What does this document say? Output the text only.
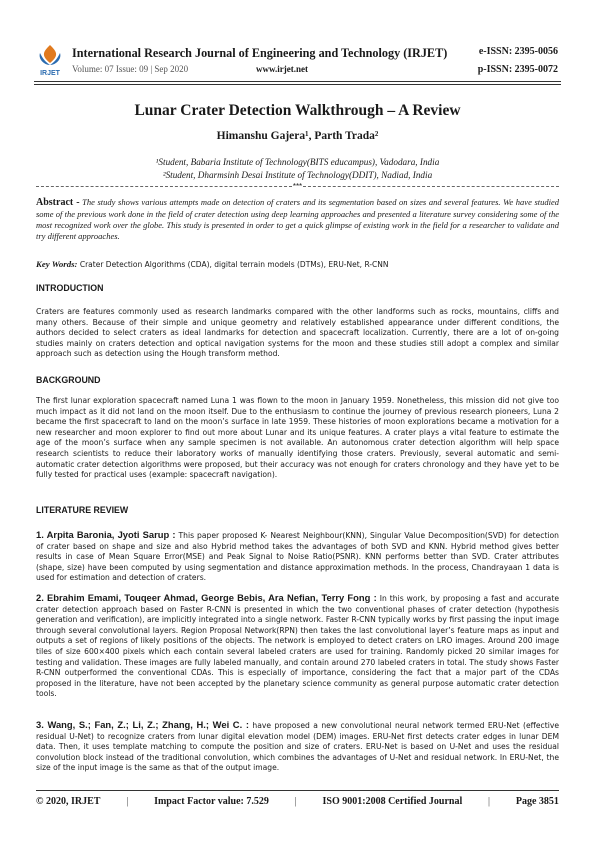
IRJET
International Research Journal of Engineering and Technology (IRJET)
Volume: 07 Issue: 09 | Sep 2020	www.irjet.net
e-ISSN: 2395-0056
p-ISSN: 2395-0072
Lunar Crater Detection Walkthrough – A Review
Himanshu Gajera¹, Parth Trada²
¹Student, Babaria Institute of Technology(BITS educampus), Vadodara, India
²Student, Dharmsinh Desai Institute of Technology(DDIT), Nadiad, India
***
Abstract - The study shows various attempts made on detection of craters and its segmentation based on sizes and several features. We have studied some of the previous work done in the field of crater detection using deep learning approaches and presented a literature survey considering some of the most recognized work over the globe. This study is presented in order to get a quick glimpse of existing work in the field for a researcher to validate and try different approaches.
Key Words: Crater Detection Algorithms (CDA), digital terrain models (DTMs), ERU-Net, R-CNN
INTRODUCTION
Craters are features commonly used as research landmarks compared with the other landforms such as rocks, mountains, cliffs and many others. Because of their simple and unique geometry and relatively established appearance under different conditions, the authors decided to select craters as ideal landmarks for detection and spacecraft localization. Currently, there are a lot of on-going studies mainly on craters detection and optical navigation systems for the moon and these studies still adopt a complex and similar approach such as detection using the Hough transform method.
BACKGROUND
The first lunar exploration spacecraft named Luna 1 was flown to the moon in January 1959. Nonetheless, this mission did not give too much impact as it did not land on the moon itself. Due to the enthusiasm to continue the journey of previous research pioneers, Luna 2 became the first spacecraft to land on the moon’s surface in late 1959. These histories of moon explorations became a motivation for a new researcher and moon explorer to find out more about Lunar and its unique features. A crater plays a vital feature to estimate the age of the moon’s surface when any sample specimen is not available. An autonomous crater detection algorithm will help space research scientists to reduce their laboratory works of manually identifying those craters. Previously, several automatic and semi-automatic crater detection algorithms were proposed, but their accuracy was not enough for craters chronology and they have yet to be fully tested for practical uses (example: spacecraft navigation).
LITERATURE REVIEW
1. Arpita Baronia, Jyoti Sarup : This paper proposed K- Nearest Neighbour(KNN), Singular Value Decomposition(SVD) for detection of crater based on shape and size and also Hybrid method takes the advantages of both SVD and KNN. Hybrid method gives better results in case of Mean Square Error(MSE) and Peak Signal to Noise Ratio(PSNR). KNN performs better than SVD. Crater attributes (shape, size) have been computed by using segmentation and distance approximation methods. In the process, Chandrayaan 1 data is used for estimation and detection of craters.
2. Ebrahim Emami, Touqeer Ahmad, George Bebis, Ara Nefian, Terry Fong : In this work, by proposing a fast and accurate crater detection approach based on Faster R-CNN is presented in which the two conventional phases of crater detection (hypothesis generation and verification), are implicitly integrated into a single network. Faster R-CNN typically works by first passing the input image through several convolutional layers. Region Proposal Network(RPN) then takes the last convolutional layer’s feature maps as input and outputs a set of regions of likely positions of the objects. The network is employed to detect craters on LRO images. Around 200 image tiles of size 600×400 pixels which each contain several labeled craters are used for training. Randomly picked 20 similar images for testing and validation. These images are fully labeled manually, and contain around 270 labeled craters in total. The study shows Faster R-CNN outperformed the conventional CDAs. This is especially of importance, considering the fact that a major part of the CDAs proposed in the literature, have not been accepted by the planetary science community as general purpose automatic crater detection tools.
3. Wang, S.; Fan, Z.; Li, Z.; Zhang, H.; Wei C. : have proposed a new convolutional neural network termed ERU-Net (effective residual U-Net) to recognize craters from lunar digital elevation model (DEM) images. ERU-Net first detects crater edges in lunar DEM data. Then, it uses template matching to compute the position and size of craters. ERU-Net is based on U-Net and uses the residual convolution block instead of the traditional convolution, which combines the advantages of U-Net and residual network. In ERU-Net, the size of the input image is the same as that of the output image.
© 2020, IRJET	|	Impact Factor value: 7.529	|	ISO 9001:2008 Certified Journal	|	Page 3851
